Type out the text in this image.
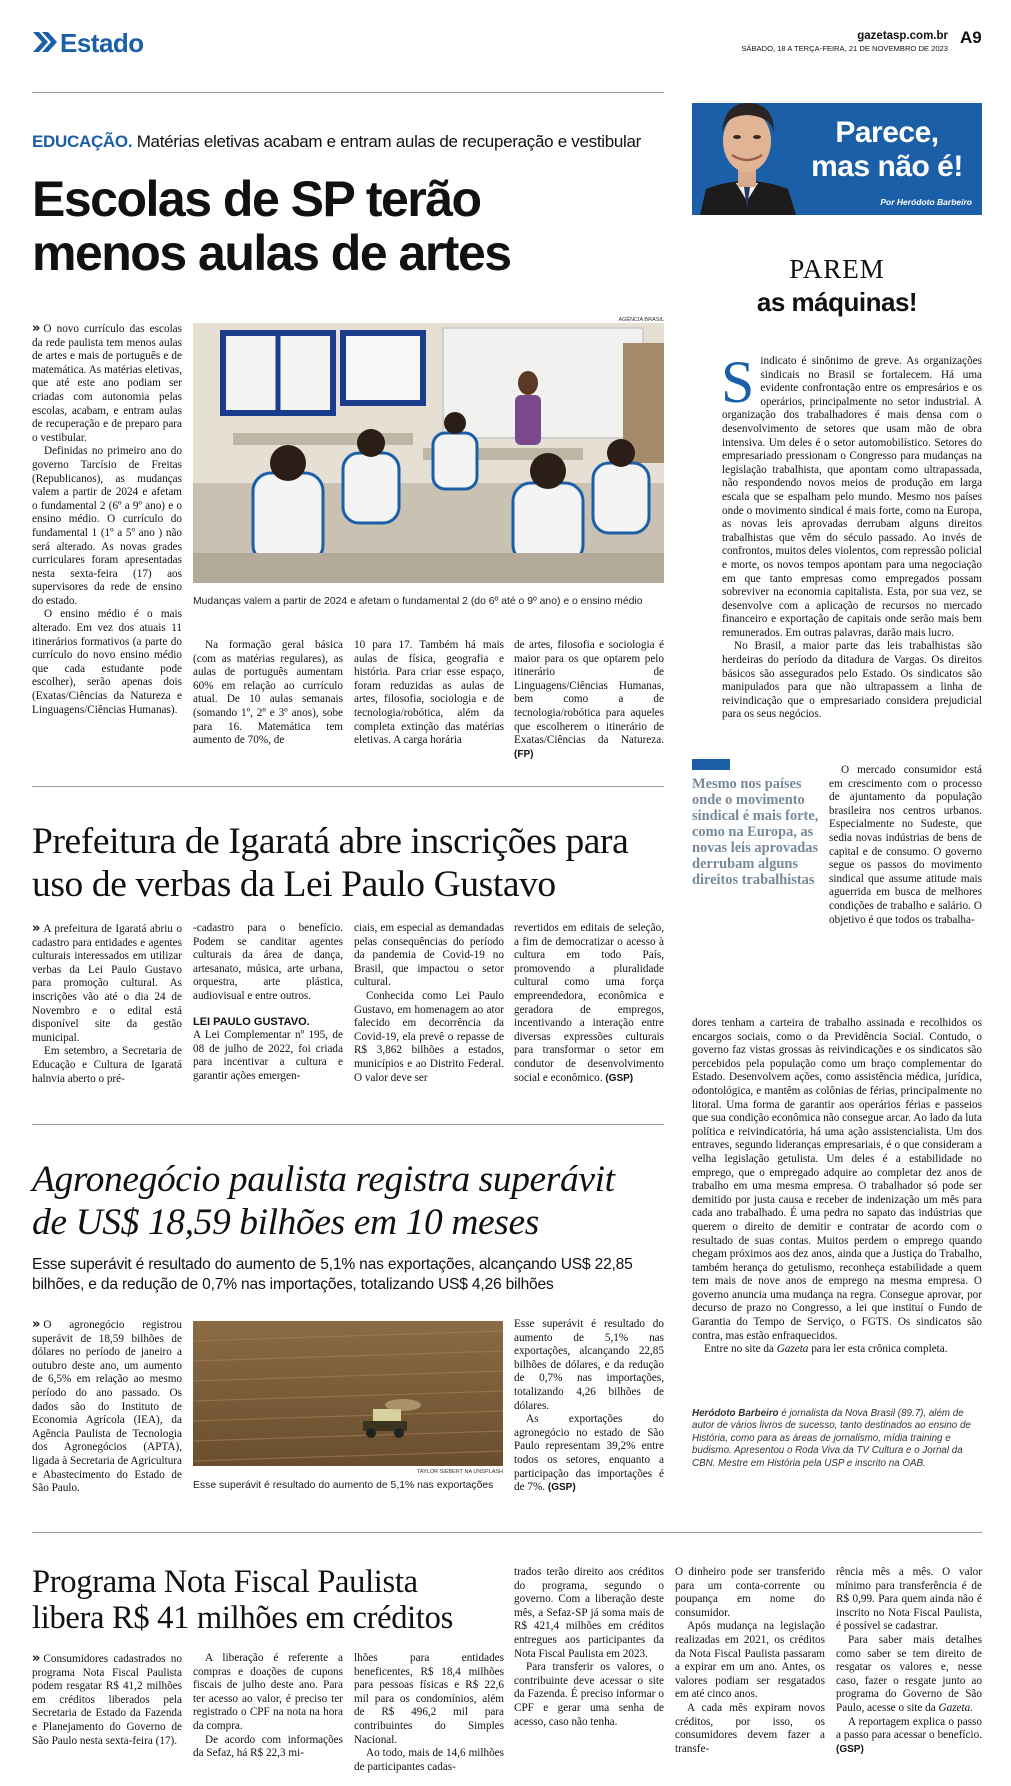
Estado	gazetasp.com.br
SÁBADO, 18 A TERÇA-FEIRA, 21 DE NOVEMBRO DE 2023
A9
EDUCAÇÃO. Matérias eletivas acabam e entram aulas de recuperação e vestibular
Escolas de SP terão
menos aulas de artes

» O novo currículo das escolas da rede paulista tem menos aulas de artes e mais de português e de matemática. As matérias eletivas, que até este ano podiam ser criadas com autonomia pelas escolas, acabam, e entram aulas de recuperação e de preparo para o vestibular.

Definidas no primeiro ano do governo Tarcísio de Freitas (Republicanos), as mudanças valem a partir de 2024 e afetam o fundamental 2 (6º a 9º ano) e o ensino médio. O currículo do fundamental 1 (1º a 5º ano ) não será alterado. As novas grades curriculares foram apresentadas nesta sexta-feira (17) aos supervisores da rede de ensino do estado.

O ensino médio é o mais alterado. Em vez dos atuais 11 itinerários formativos (a parte do currículo do novo ensino médio que cada estudante pode escolher), serão apenas dois (Exatas/Ciências da Natureza e Linguagens/Ciências Humanas).

AGÊNCIA BRASIL
Mudanças valem a partir de 2024 e afetam o fundamental 2 (do 6º até o 9º ano) e o ensino médio

Na formação geral básica (com as matérias regulares), as aulas de português aumentam 60% em relação ao currículo atual. De 10 aulas semanais (somando 1º, 2º e 3º anos), sobe para 16. Matemática tem aumento de 70%, de

10 para 17. Também há mais aulas de física, geografia e história. Para criar esse espaço, foram reduzidas as aulas de artes, filosofia, sociologia e de tecnologia/robótica, além da completa extinção das matérias eletivas. A carga horária

de artes, filosofia e sociologia é maior para os que optarem pelo itinerário de Linguagens/Ciências Humanas, bem como a de tecnologia/robótica para aqueles que escolherem o itinerário de Exatas/Ciências da Natureza. (FP)

Prefeitura de Igaratá abre inscrições para
uso de verbas da Lei Paulo Gustavo

» A prefeitura de Igaratá abriu o cadastro para entidades e agentes culturais interessados em utilizar verbas da Lei Paulo Gustavo para promoção cultural. As inscrições vão até o dia 24 de Novembro e o edital está disponível site da gestão municipal.

Em setembro, a Secretaria de Educação e Cultura de Igaratá halnvia aberto o pré-

-cadastro para o benefício. Podem se canditar agentes culturais da área de dança, artesanato, música, arte urbana, orquestra, arte plástica, audiovisual e entre outros.

LEI PAULO GUSTAVO.

A Lei Complementar nº 195, de 08 de julho de 2022, foi criada para incentivar a cultura e garantir ações emergen-

ciais, em especial as demandadas pelas consequências do período da pandemia de Covid-19 no Brasil, que impactou o setor cultural.

Conhecida como Lei Paulo Gustavo, em homenagem ao ator falecido em decorrência da Covid-19, ela prevê o repasse de R$ 3,862 bilhões a estados, municípios e ao Distrito Federal. O valor deve ser

revertidos em editais de seleção, a fim de democratizar o acesso à cultura em todo País, promovendo a pluralidade cultural como uma força empreendedora, econômica e geradora de empregos, incentivando a interação entre diversas expressões culturais para transformar o setor em condutor de desenvolvimento social e econômico. (GSP)

Agronegócio paulista registra superávit
de US$ 18,59 bilhões em 10 meses
Esse superávit é resultado do aumento de 5,1% nas exportações, alcançando US$ 22,85
bilhões, e da redução de 0,7% nas importações, totalizando US$ 4,26 bilhões

» O agronegócio registrou superávit de 18,59 bilhões de dólares no período de janeiro a outubro deste ano, um aumento de 6,5% em relação ao mesmo período do ano passado. Os dados são do Instituto de Economia Agrícola (IEA), da Agência Paulista de Tecnologia dos Agronegócios (APTA), ligada à Secretaria de Agricultura e Abastecimento do Estado de São Paulo.

TAYLOR SIEBERT NA UNSPLASH
Esse superávit é resultado do aumento de 5,1% nas exportações

Esse superávit é resultado do aumento de 5,1% nas exportações, alcançando 22,85 bilhões de dólares, e da redução de 0,7% nas importações, totalizando 4,26 bilhões de dólares.

As exportações do agronegócio no estado de São Paulo representam 39,2% entre todos os setores, enquanto a participação das importações é de 7%. (GSP)

Programa Nota Fiscal Paulista
libera R$ 41 milhões em créditos

» Consumidores cadastrados no programa Nota Fiscal Paulista podem resgatar R$ 41,2 milhões em créditos liberados pela Secretaria de Estado da Fazenda e Planejamento do Governo de São Paulo nesta sexta-feira (17).

A liberação é referente a compras e doações de cupons fiscais de julho deste ano. Para ter acesso ao valor, é preciso ter registrado o CPF na nota na hora da compra.

De acordo com informações da Sefaz, há R$ 22,3 mi-

lhões para entidades beneficentes, R$ 18,4 milhões para pessoas físicas e R$ 22,6 mil para os condomínios, além de R$ 496,2 mil para contribuintes do Simples Nacional.

Ao todo, mais de 14,6 milhões de participantes cadas-

trados terão direito aos créditos do programa, segundo o governo. Com a liberação deste mês, a Sefaz-SP já soma mais de R$ 421,4 milhões em créditos entregues aos participantes da Nota Fiscal Paulista em 2023.

Para transferir os valores, o contribuinte deve acessar o site da Fazenda. É preciso informar o CPF e gerar uma senha de acesso, caso não tenha.

O dinheiro pode ser transferido para um conta-corrente ou poupança em nome do consumidor.

Após mudança na legislação realizadas em 2021, os créditos da Nota Fiscal Paulista passaram a expirar em um ano. Antes, os valores podiam ser resgatados em até cinco anos.

A cada mês expiram novos créditos, por isso, os consumidores devem fazer a transfe-

rência mês a mês. O valor mínimo para transferência é de R$ 0,99. Para quem ainda não é inscrito no Nota Fiscal Paulista, é possível se cadastrar.

Para saber mais detalhes como saber se tem direito de resgatar os valores e, nesse caso, fazer o resgate junto ao programa do Governo de São Paulo, acesse o site da Gazeta.

A reportagem explica o passo a passo para acessar o benefício. (GSP)

Parece,
mas não é!
Por Heródoto Barbeiro
PAREM
as máquinas!

S indicato é sinônimo de greve. As organizações sindicais no Brasil se fortalecem. Há uma evidente confrontação entre os empresários e os operários, principalmente no setor industrial. A organização dos trabalhadores é mais densa com o desenvolvimento de setores que usam mão de obra intensiva. Um deles é o setor automobilístico. Setores do empresariado pressionam o Congresso para mudanças na legislação trabalhista, que apontam como ultrapassada, não respondendo novos meios de produção em larga escala que se espalham pelo mundo. Mesmo nos países onde o movimento sindical é mais forte, como na Europa, as novas leis aprovadas derrubam alguns direitos trabalhistas que vêm do século passado. Ao invés de confrontos, muitos deles violentos, com repressão policial e morte, os novos tempos apontam para uma negociação em que tanto empresas como empregados possam sobreviver na economia capitalista. Esta, por sua vez, se desenvolve com a aplicação de recursos no mercado financeiro e exportação de capitais onde serão mais bem remunerados. Em outras palavras, darão mais lucro.

No Brasil, a maior parte das leis trabalhistas são herdeiras do período da ditadura de Vargas. Os direitos básicos são assegurados pelo Estado. Os sindicatos são manipulados para que não ultrapassem a linha de reivindicação que o empresariado considera prejudicial para os seus negócios.

Mesmo nos países onde o movimento sindical é mais forte, como na Europa, as novas leis aprovadas derrubam alguns direitos trabalhistas

O mercado consumidor está em crescimento com o processo de ajuntamento da população brasileira nos centros urbanos. Especialmente no Sudeste, que sedia novas indústrias de bens de capital e de consumo. O governo segue os passos do movimento sindical que assume atitude mais aguerrida em busca de melhores condições de trabalho e salário. O objetivo é que todos os trabalha-

dores tenham a carteira de trabalho assinada e recolhidos os encargos sociais, como o da Previdência Social. Contudo, o governo faz vistas grossas às reivindicações e os sindicatos são percebidos pela população como um braço complementar do Estado. Desenvolvem ações, como assistência médica, jurídica, odontológica, e mantêm as colônias de férias, principalmente no litoral. Uma forma de garantir aos operários férias e passeios que sua condição econômica não consegue arcar. Ao lado da luta política e reivindicatória, há uma ação assistencialista. Um dos entraves, segundo lideranças empresariais, é o que consideram a velha legislação getulista. Um deles é a estabilidade no emprego, que o empregado adquire ao completar dez anos de trabalho em uma mesma empresa. O trabalhador só pode ser demitido por justa causa e receber de indenização um mês para cada ano trabalhado. É uma pedra no sapato das indústrias que querem o direito de demitir e contratar de acordo com o resultado de suas contas. Muitos perdem o emprego quando chegam próximos aos dez anos, ainda que a Justiça do Trabalho, também herança do getulismo, reconheça estabilidade a quem tem mais de nove anos de emprego na mesma empresa. O governo anuncia uma mudança na regra. Consegue aprovar, por decurso de prazo no Congresso, a lei que instituí o Fundo de Garantia do Tempo de Serviço, o FGTS. Os sindicatos são contra, mas estão enfraquecidos.

Entre no site da Gazeta para ler esta crônica completa.

Heródoto Barbeiro é jornalista da Nova Brasil (89.7), além de autor de vários livros de sucesso, tanto destinados ao ensino de História, como para as áreas de jornalismo, mídia training e budismo. Apresentou o Roda Viva da TV Cultura e o Jornal da CBN. Mestre em História pela USP e inscrito na OAB.
